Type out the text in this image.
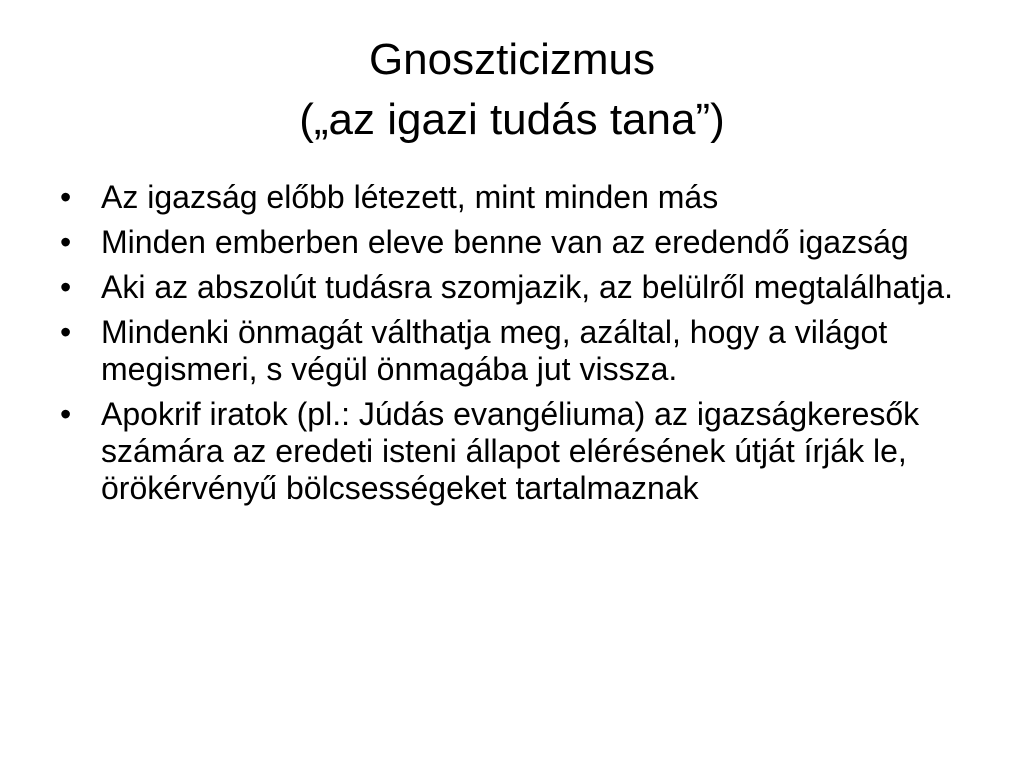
Gnoszticizmus
(„az igazi tudás tana”)
• Az igazság előbb létezett, mint minden más
• Minden emberben eleve benne van az eredendő igazság
• Aki az abszolút tudásra szomjazik, az belülről megtalálhatja.
• Mindenki önmagát válthatja meg, azáltal, hogy a világot megismeri, s végül önmagába jut vissza.
• Apokrif iratok (pl.: Júdás evangéliuma) az igazságkeresők számára az eredeti isteni állapot elérésének útját írják le, örökérvényű bölcsességeket tartalmaznak
